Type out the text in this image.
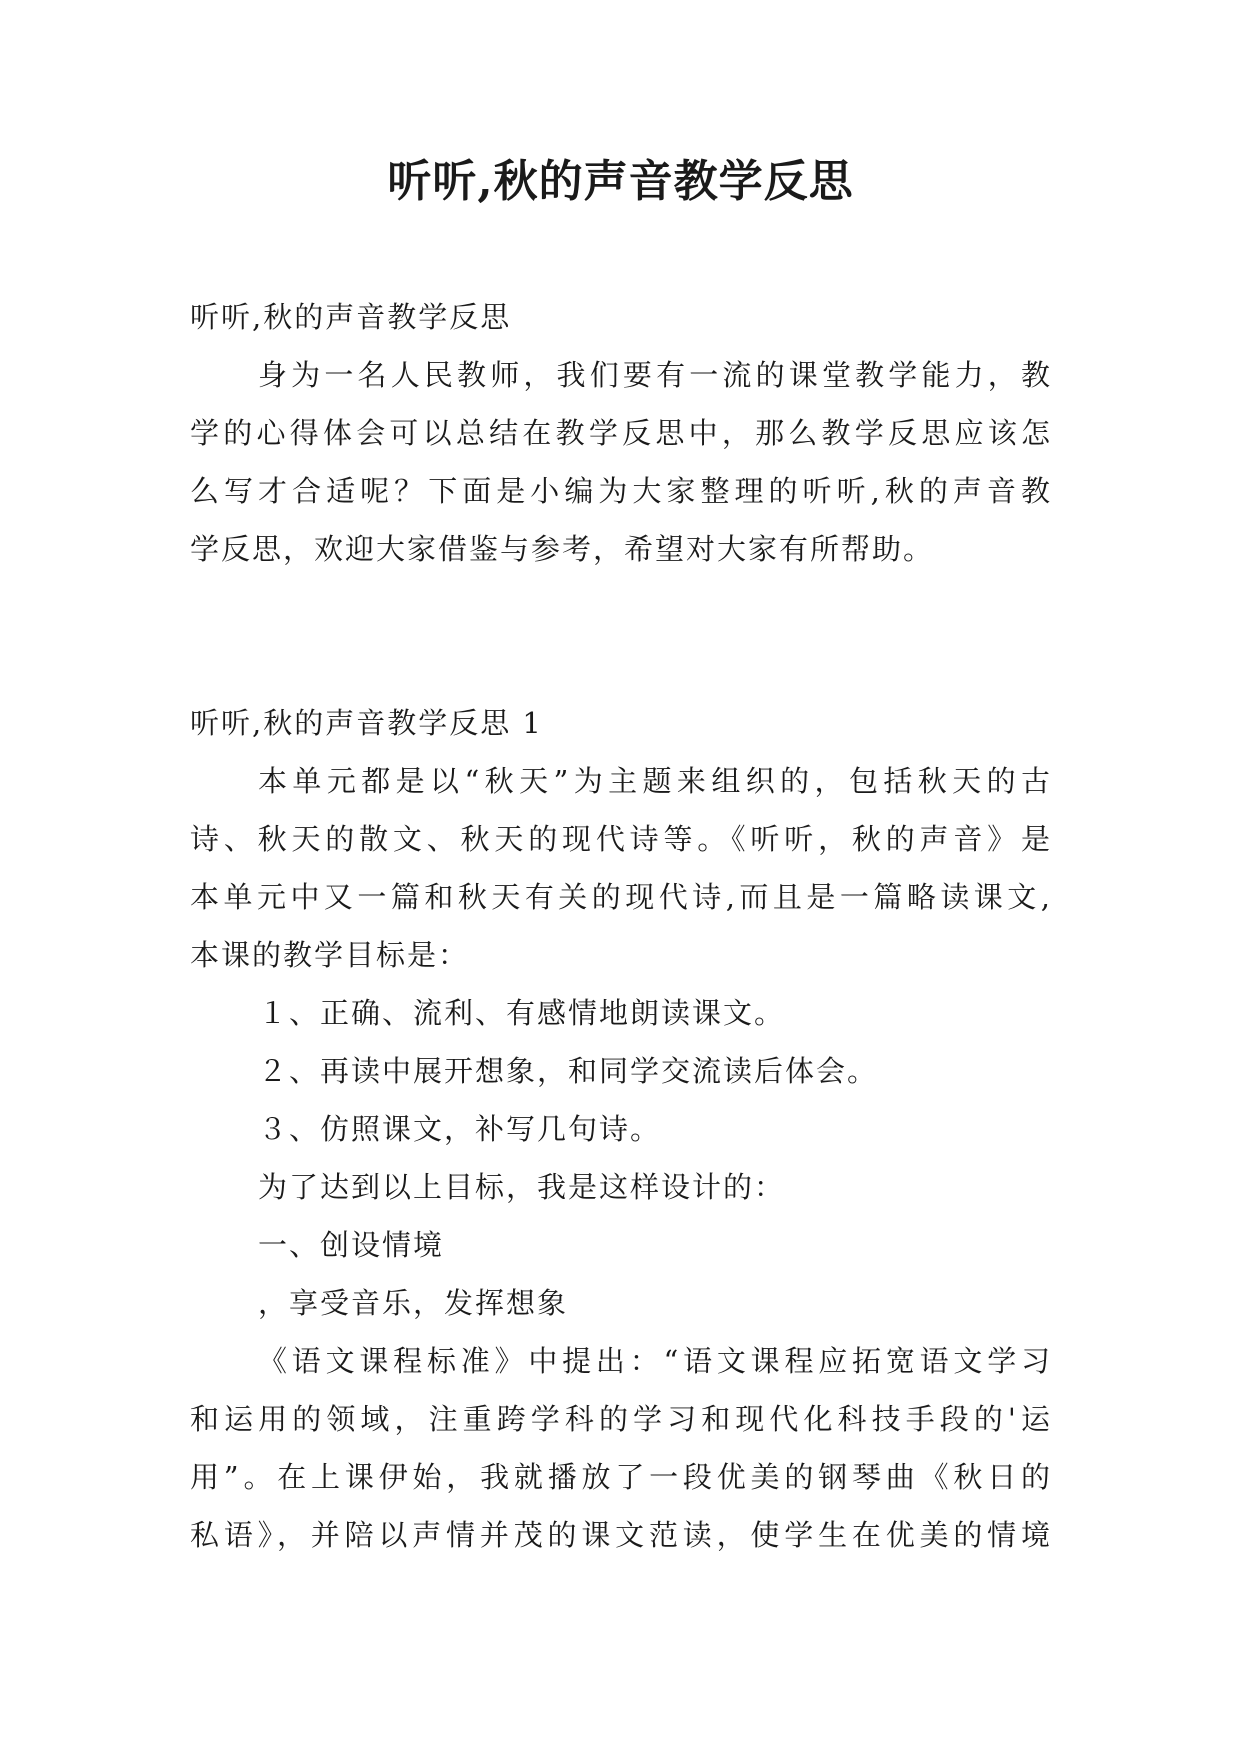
听听,秋的声音教学反思
听听,秋的声音教学反思
身为一名人民教师，我们要有一流的课堂教学能力，教
学的心得体会可以总结在教学反思中，那么教学反思应该怎
么写才合适呢？下面是小编为大家整理的听听,秋的声音教
学反思，欢迎大家借鉴与参考，希望对大家有所帮助。
听听,秋的声音教学反思 1
本单元都是以“秋天”为主题来组织的，包括秋天的古
诗、秋天的散文、秋天的现代诗等。《听听，秋的声音》是
本单元中又一篇和秋天有关的现代诗,而且是一篇略读课文,
本课的教学目标是：
１、正确、流利、有感情地朗读课文。
２、再读中展开想象，和同学交流读后体会。
３、仿照课文，补写几句诗。
为了达到以上目标，我是这样设计的：
一、创设情境
，享受音乐，发挥想象
《语文课程标准》中提出：“语文课程应拓宽语文学习
和运用的领域，注重跨学科的学习和现代化科技手段的'运
用”。在上课伊始，我就播放了一段优美的钢琴曲《秋日的
私语》，并陪以声情并茂的课文范读，使学生在优美的情境
